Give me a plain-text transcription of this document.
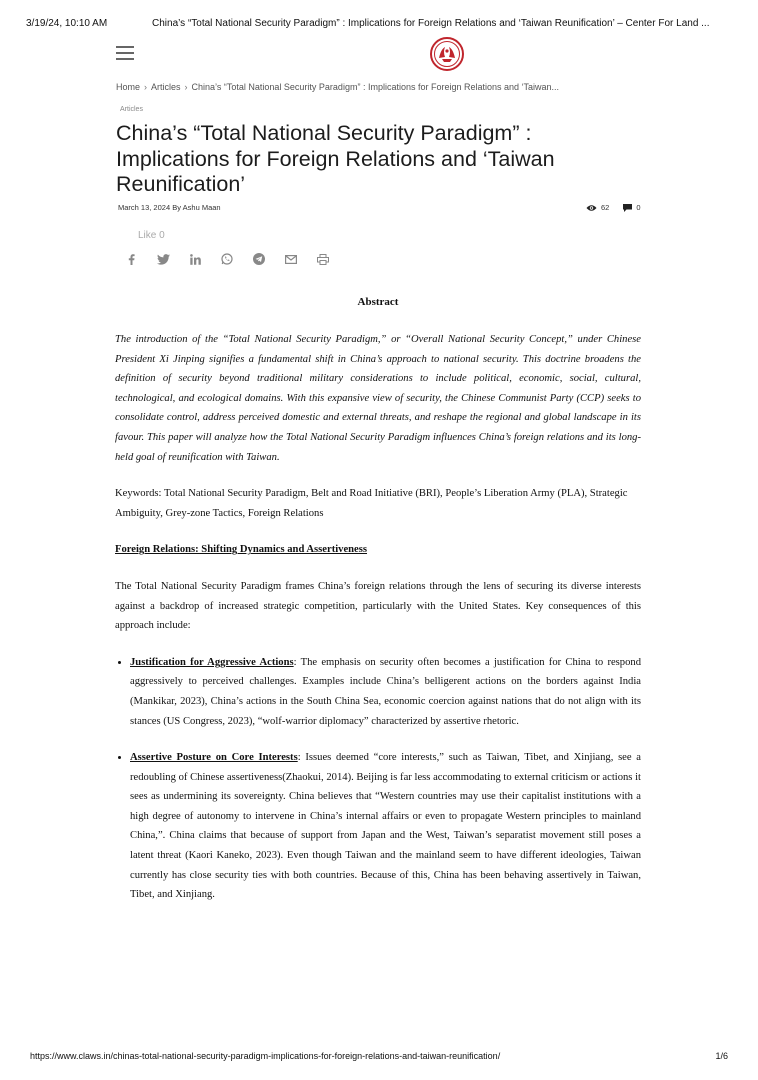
3/19/24, 10:10 AM	China’s “Total National Security Paradigm” : Implications for Foreign Relations and ‘Taiwan Reunification’ – Center For Land ...
Home › Articles › China’s “Total National Security Paradigm” : Implications for Foreign Relations and ‘Taiwan...
Articles
China’s “Total National Security Paradigm” : Implications for Foreign Relations and ‘Taiwan Reunification’
March 13, 2024 By Ashu Maan	62	0
Like 0
Abstract

The introduction of the “Total National Security Paradigm,” or “Overall National Security Concept,” under Chinese President Xi Jinping signifies a fundamental shift in China’s approach to national security. This doctrine broadens the definition of security beyond traditional military considerations to include political, economic, social, cultural, technological, and ecological domains. With this expansive view of security, the Chinese Communist Party (CCP) seeks to consolidate control, address perceived domestic and external threats, and reshape the regional and global landscape in its favour. This paper will analyze how the Total National Security Paradigm influences China’s foreign relations and its long-held goal of reunification with Taiwan.

Keywords: Total National Security Paradigm, Belt and Road Initiative (BRI), People’s Liberation Army (PLA), Strategic Ambiguity, Grey-zone Tactics, Foreign Relations

Foreign Relations: Shifting Dynamics and Assertiveness

The Total National Security Paradigm frames China’s foreign relations through the lens of securing its diverse interests against a backdrop of increased strategic competition, particularly with the United States. Key consequences of this approach include:

• Justification for Aggressive Actions: The emphasis on security often becomes a justification for China to respond aggressively to perceived challenges. Examples include China’s belligerent actions on the borders against India (Mankikar, 2023), China’s actions in the South China Sea, economic coercion against nations that do not align with its stances (US Congress, 2023), “wolf-warrior diplomacy” characterized by assertive rhetoric.
• Assertive Posture on Core Interests: Issues deemed “core interests,” such as Taiwan, Tibet, and Xinjiang, see a redoubling of Chinese assertiveness(Zhaokui, 2014). Beijing is far less accommodating to external criticism or actions it sees as undermining its sovereignty. China believes that “Western countries may use their capitalist institutions with a high degree of autonomy to intervene in China’s internal affairs or even to propagate Western principles to mainland China,”. China claims that because of support from Japan and the West, Taiwan’s separatist movement still poses a latent threat (Kaori Kaneko, 2023). Even though Taiwan and the mainland seem to have different ideologies, Taiwan currently has close security ties with both countries. Because of this, China has been behaving assertively in Taiwan, Tibet, and Xinjiang.
https://www.claws.in/chinas-total-national-security-paradigm-implications-for-foreign-relations-and-taiwan-reunification/	1/6
